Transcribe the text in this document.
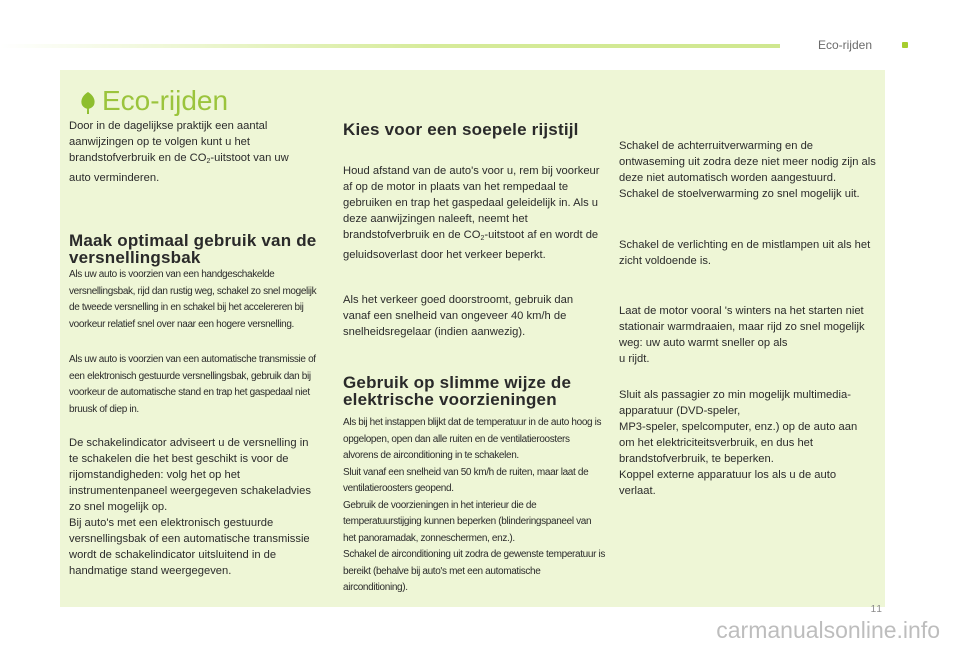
Eco-rijden
Eco-rijden
Door in de dagelijkse praktijk een aantal aanwijzingen op te volgen kunt u het brandstofverbruik en de $CO_2$-uitstoot van uw auto verminderen.
Maak optimaal gebruik van de versnellingsbak
Als uw auto is voorzien van een handgeschakelde versnellingsbak, rijd dan rustig weg, schakel zo snel mogelijk de tweede versnelling in en schakel bij het accelereren bij voorkeur relatief snel over naar een hogere versnelling.
Als uw auto is voorzien van een automatische transmissie of een elektronisch gestuurde versnellingsbak, gebruik dan bij voorkeur de automatische stand en trap het gaspedaal niet bruusk of diep in.

De schakelindicator adviseert u de versnelling in te schakelen die het best geschikt is voor de rijomstandigheden: volg het op het instrumentenpaneel weergegeven schakeladvies zo snel mogelijk op.

Bij auto's met een elektronisch gestuurde versnellingsbak of een automatische transmissie wordt de schakelindicator uitsluitend in de handmatige stand weergegeven.

Kies voor een soepele rijstijl
Houd afstand van de auto's voor u, rem bij voorkeur af op de motor in plaats van het rempedaal te gebruiken en trap het gaspedaal geleidelijk in. Als u deze aanwijzingen naleeft, neemt het brandstofverbruik en de $CO_2$-uitstoot af en wordt de geluidsoverlast door het verkeer beperkt.
Als het verkeer goed doorstroomt, gebruik dan vanaf een snelheid van ongeveer 40 km/h de snelheidsregelaar (indien aanwezig).
Gebruik op slimme wijze de elektrische voorzieningen

Als bij het instappen blijkt dat de temperatuur in de auto hoog is opgelopen, open dan alle ruiten en de ventilatieroosters alvorens de airconditioning in te schakelen.

Sluit vanaf een snelheid van 50 km/h de ruiten, maar laat de ventilatieroosters geopend.

Gebruik de voorzieningen in het interieur die de temperatuurstijging kunnen beperken (blinderingspaneel van het panoramadak, zonneschermen, enz.).

Schakel de airconditioning uit zodra de gewenste temperatuur is bereikt (behalve bij auto's met een automatische airconditioning).

Schakel de achterruitverwarming en de ontwaseming uit zodra deze niet meer nodig zijn als deze niet automatisch worden aangestuurd.

Schakel de stoelverwarming zo snel mogelijk uit.

Schakel de verlichting en de mistlampen uit als het zicht voldoende is.

Laat de motor vooral 's winters na het starten niet stationair warmdraaien, maar rijd zo snel mogelijk weg: uw auto warmt sneller op als

u rijdt.

Sluit als passagier zo min mogelijk multimedia-apparatuur (DVD-speler,

MP3-speler, spelcomputer, enz.) op de auto aan om het elektriciteitsverbruik, en dus het brandstofverbruik, te beperken.

Koppel externe apparatuur los als u de auto verlaat.

11
carmanualsonline.info
